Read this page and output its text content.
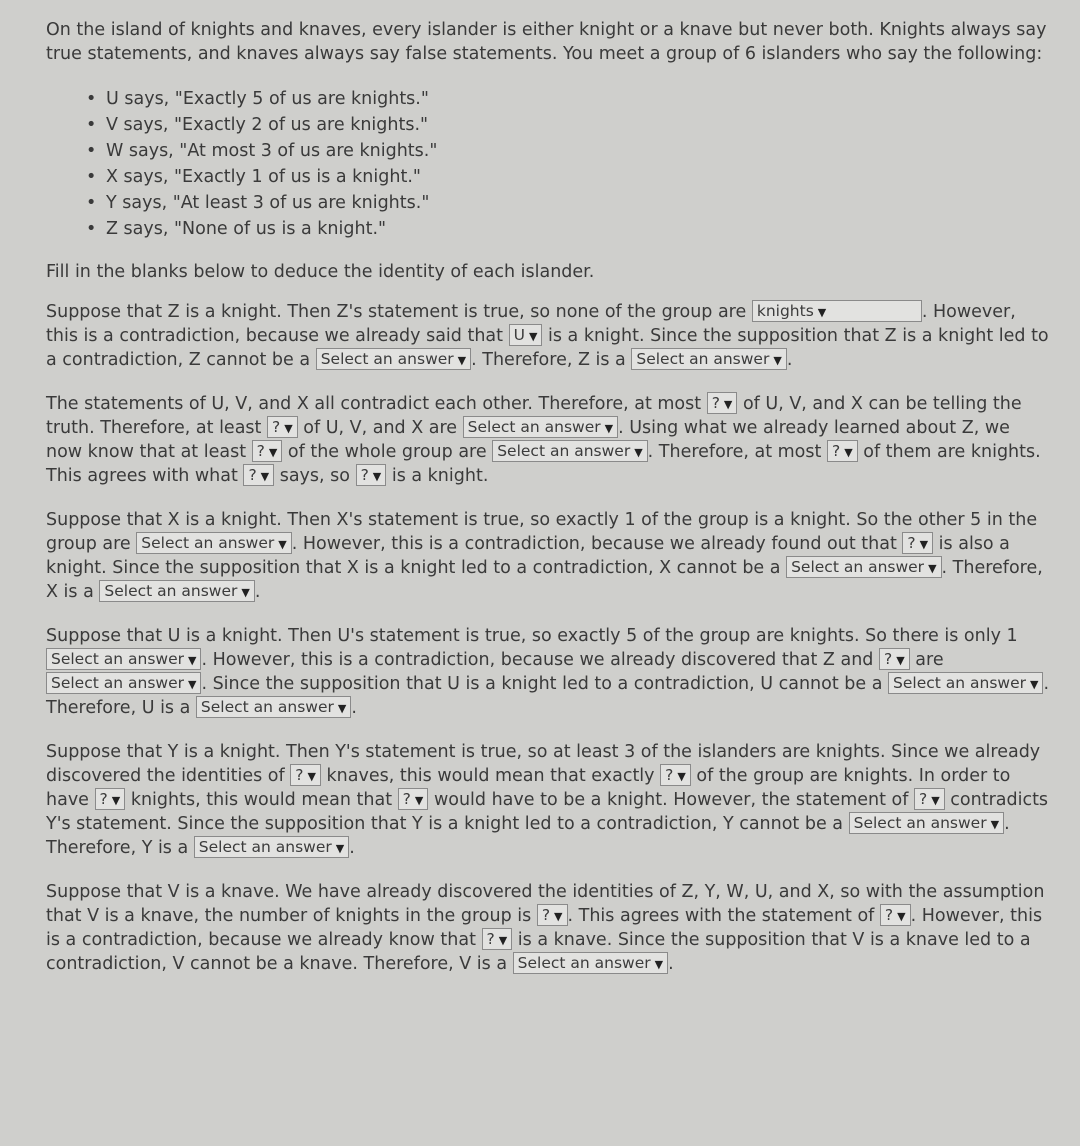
On the island of knights and knaves, every islander is either knight or a knave but never both. Knights always say true statements, and knaves always say false statements. You meet a group of 6 islanders who say the following:

• U says, "Exactly 5 of us are knights."
• V says, "Exactly 2 of us are knights."
• W says, "At most 3 of us are knights."
• X says, "Exactly 1 of us is a knight."
• Y says, "At least 3 of us are knights."
• Z says, "None of us is a knight."

Fill in the blanks below to deduce the identity of each islander.

Suppose that Z is a knight. Then Z's statement is true, so none of the group are knights ▼	. However, this is a contradiction, because we already said that U ▼ is a knight. Since the supposition that Z is a knight led to a contradiction, Z cannot be a Select an answer ▼ . Therefore, Z is a Select an answer ▼ .

The statements of U, V, and X all contradict each other. Therefore, at most ? ▼ of U, V, and X can be telling the truth. Therefore, at least ? ▼ of U, V, and X are Select an answer ▼ . Using what we already learned about Z, we now know that at least ? ▼ of the whole group are Select an answer ▼ . Therefore, at most ? ▼ of them are knights. This agrees with what ? ▼ says, so ? ▼ is a knight.

Suppose that X is a knight. Then X's statement is true, so exactly 1 of the group is a knight. So the other 5 in the group are Select an answer ▼ . However, this is a contradiction, because we already found out that ? ▼ is also a knight. Since the supposition that X is a knight led to a contradiction, X cannot be a Select an answer ▼ . Therefore, X is a Select an answer ▼ .

Suppose that U is a knight. Then U's statement is true, so exactly 5 of the group are knights. So there is only 1 Select an answer ▼ . However, this is a contradiction, because we already discovered that Z and ? ▼ are Select an answer ▼ . Since the supposition that U is a knight led to a contradiction, U cannot be a Select an answer ▼ . Therefore, U is a Select an answer ▼ .

Suppose that Y is a knight. Then Y's statement is true, so at least 3 of the islanders are knights. Since we already discovered the identities of ? ▼ knaves, this would mean that exactly ? ▼ of the group are knights. In order to have ? ▼ knights, this would mean that ? ▼ would have to be a knight. However, the statement of ? ▼ contradicts Y's statement. Since the supposition that Y is a knight led to a contradiction, Y cannot be a Select an answer ▼ . Therefore, Y is a Select an answer ▼ .

Suppose that V is a knave. We have already discovered the identities of Z, Y, W, U, and X, so with the assumption that V is a knave, the number of knights in the group is ? ▼ . This agrees with the statement of ? ▼ . However, this is a contradiction, because we already know that ? ▼ is a knave. Since the supposition that V is a knave led to a contradiction, V cannot be a knave. Therefore, V is a Select an answer ▼ .
